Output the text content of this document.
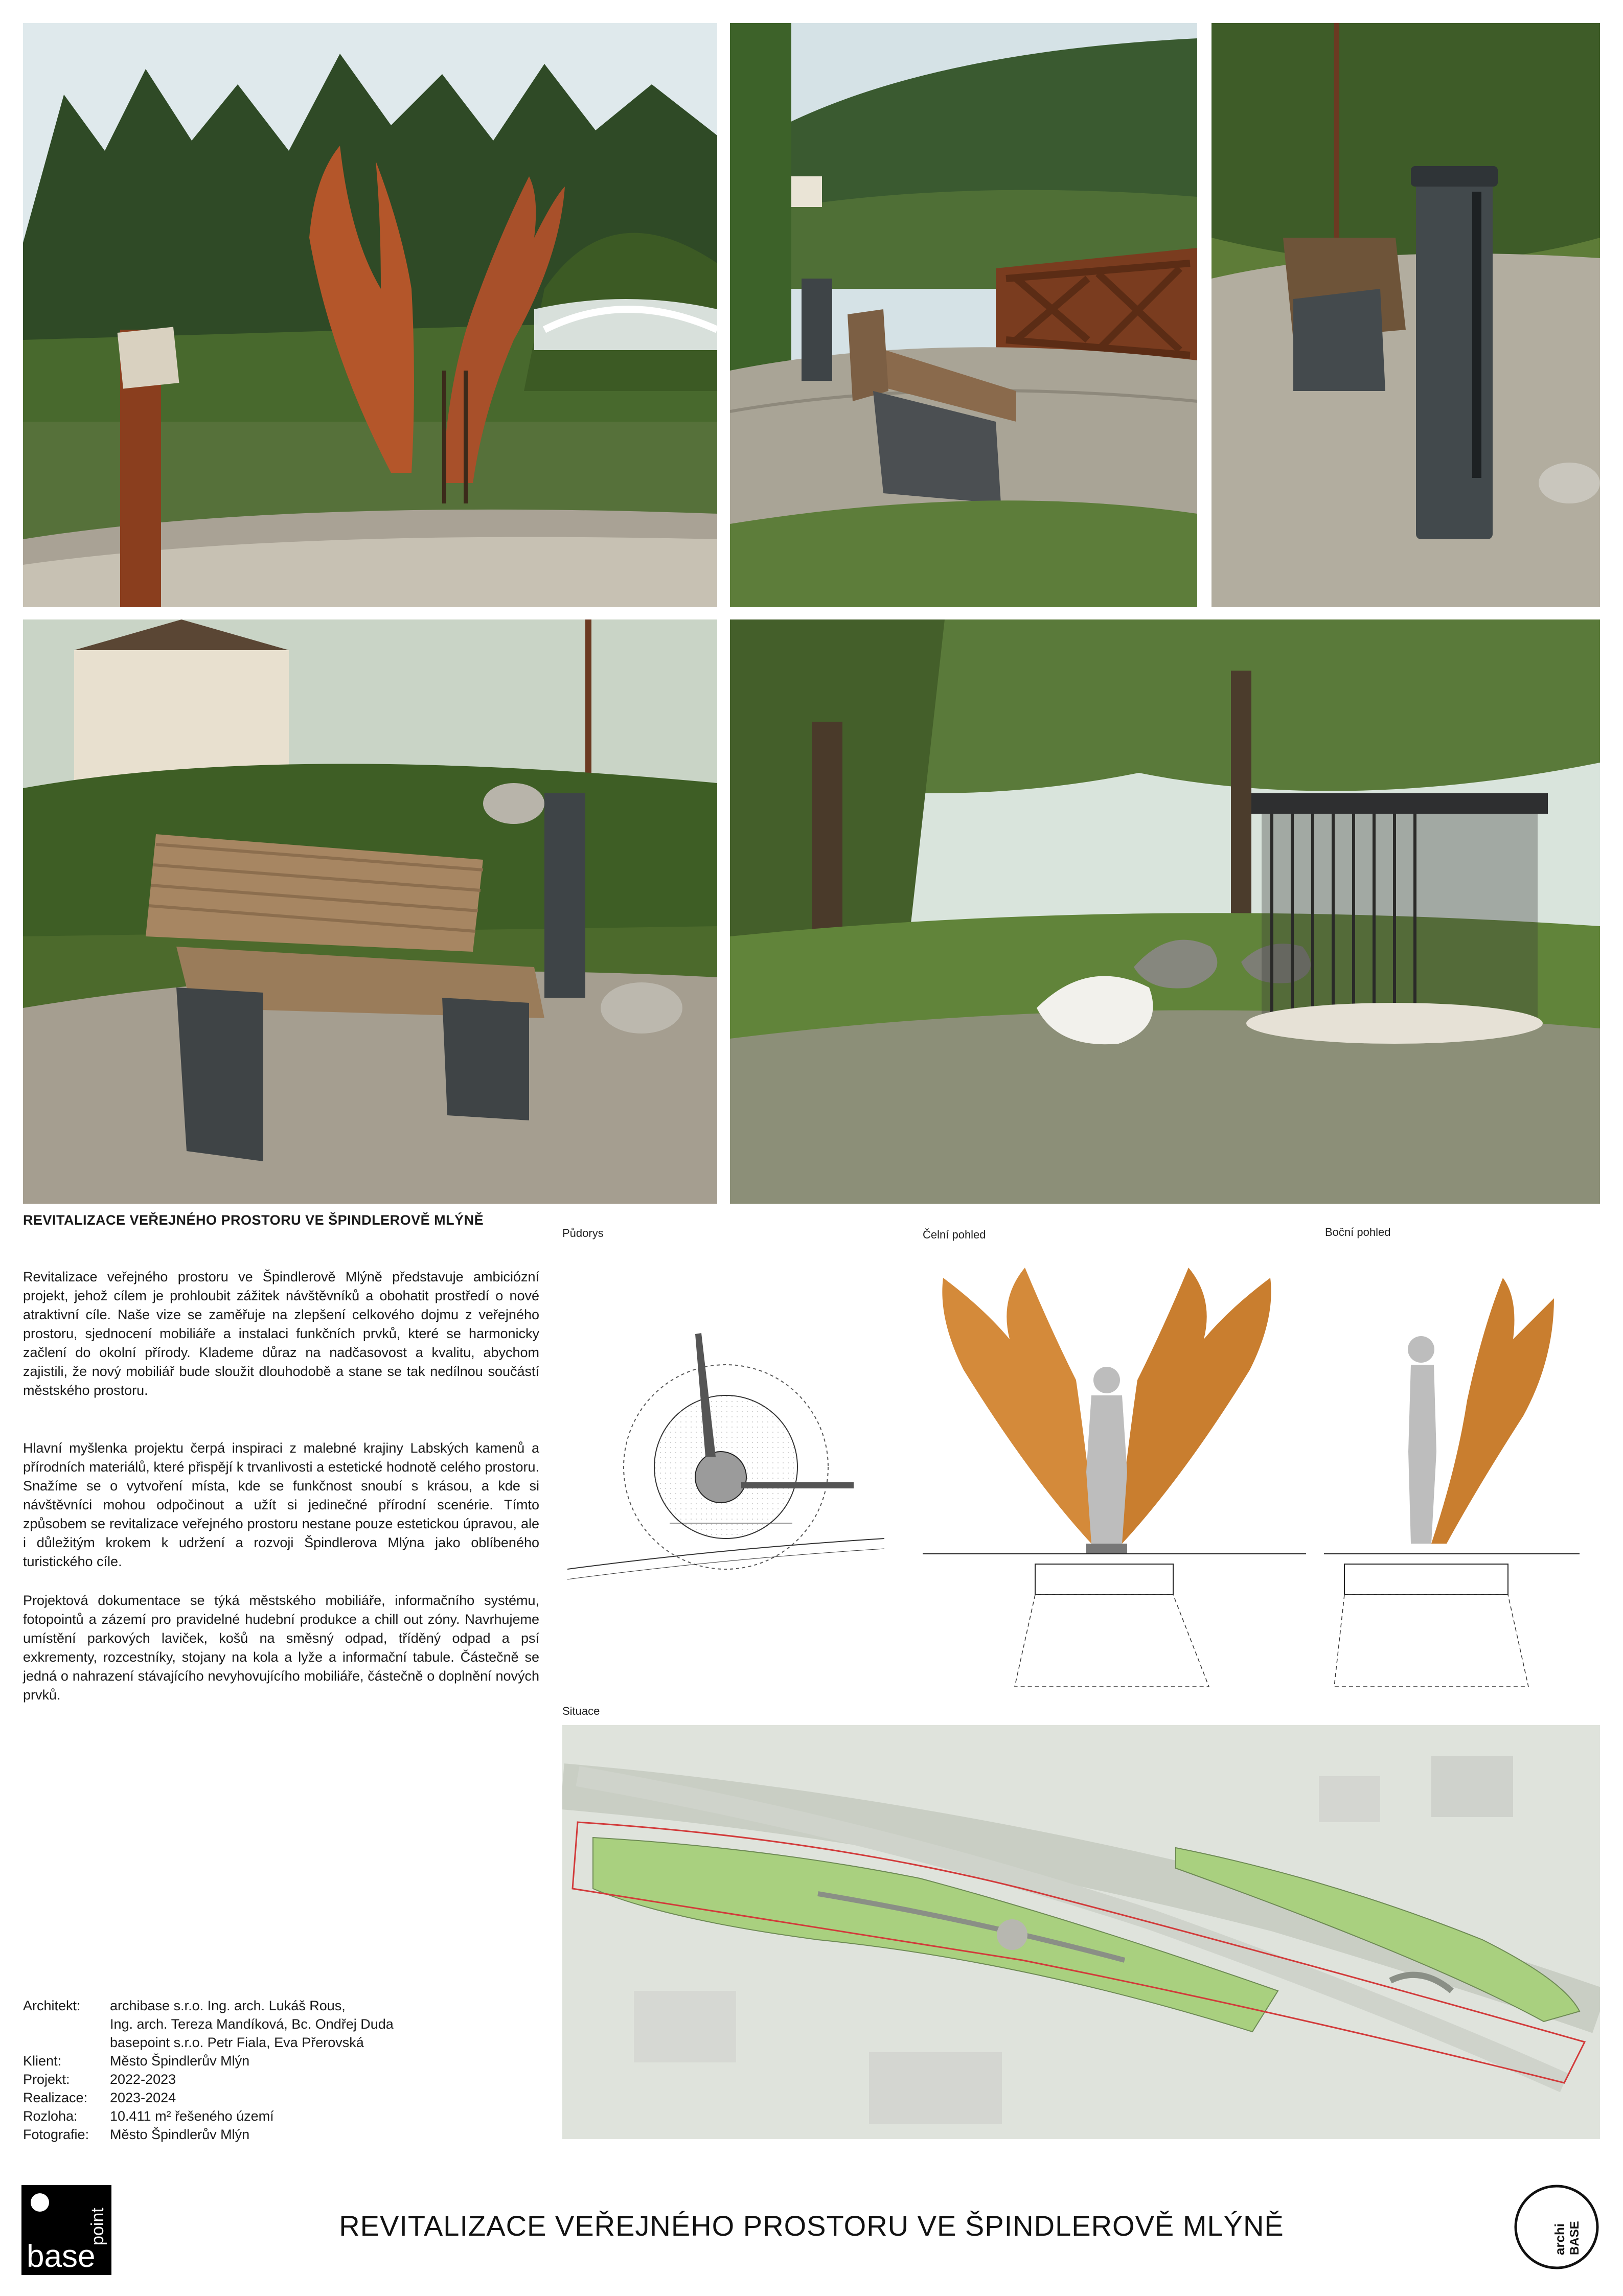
REVITALIZACE VEŘEJNÉHO PROSTORU VE ŠPINDLEROVĚ MLÝNĚ

Revitalizace veřejného prostoru ve Špindlerově Mlýně představuje ambiciózní projekt, jehož cílem je prohloubit zážitek návštěvníků a obohatit prostředí o nové atraktivní cíle. Naše vize se zaměřuje na zlepšení celkového dojmu z veřejného prostoru, sjednocení mobiliáře a instalaci funkčních prvků, které se harmonicky začlení do okolní přírody. Klademe důraz na nadčasovost a kvalitu, abychom zajistili, že nový mobiliář bude sloužit dlouhodobě a stane se tak nedílnou součástí městského prostoru.

Hlavní myšlenka projektu čerpá inspiraci z malebné krajiny Labských kamenů a přírodních materiálů, které přispějí k trvanlivosti a estetické hodnotě celého prostoru. Snažíme se o vytvoření místa, kde se funkčnost snoubí s krásou, a kde si návštěvníci mohou odpočinout a užít si jedinečné přírodní scenérie. Tímto způsobem se revitalizace veřejného prostoru nestane pouze estetickou úpravou, ale i důležitým krokem k udržení a rozvoji Špindlerova Mlýna jako oblíbeného turistického cíle.

Projektová dokumentace se týká městského mobiliáře, informačního systému, fotopointů a zázemí pro pravidelné hudební produkce a chill out zóny. Navrhujeme umístění parkových laviček, košů na směsný odpad, tříděný odpad a psí exkrementy, rozcestníky, stojany na kola a lyže a informační tabule. Částečně se jedná o nahrazení stávajícího nevyhovujícího mobiliáře, částečně o doplnění nových prvků.

Půdorys	Čelní pohled	Boční pohled
Situace
Architekt:	archibase s.r.o. Ing. arch. Lukáš Rous,
Ing. arch. Tereza Mandíková, Bc. Ondřej Duda
basepoint s.r.o. Petr Fiala, Eva Přerovská
Klient:	Město Špindlerův Mlýn
Projekt:	2022-2023
Realizace:	2023-2024
Rozloha:	10.411 m² řešeného území
Fotografie:	Město Špindlerův Mlýn
base
point	REVITALIZACE VEŘEJNÉHO PROSTORU VE ŠPINDLEROVĚ MLÝNĚ	archi BASE
